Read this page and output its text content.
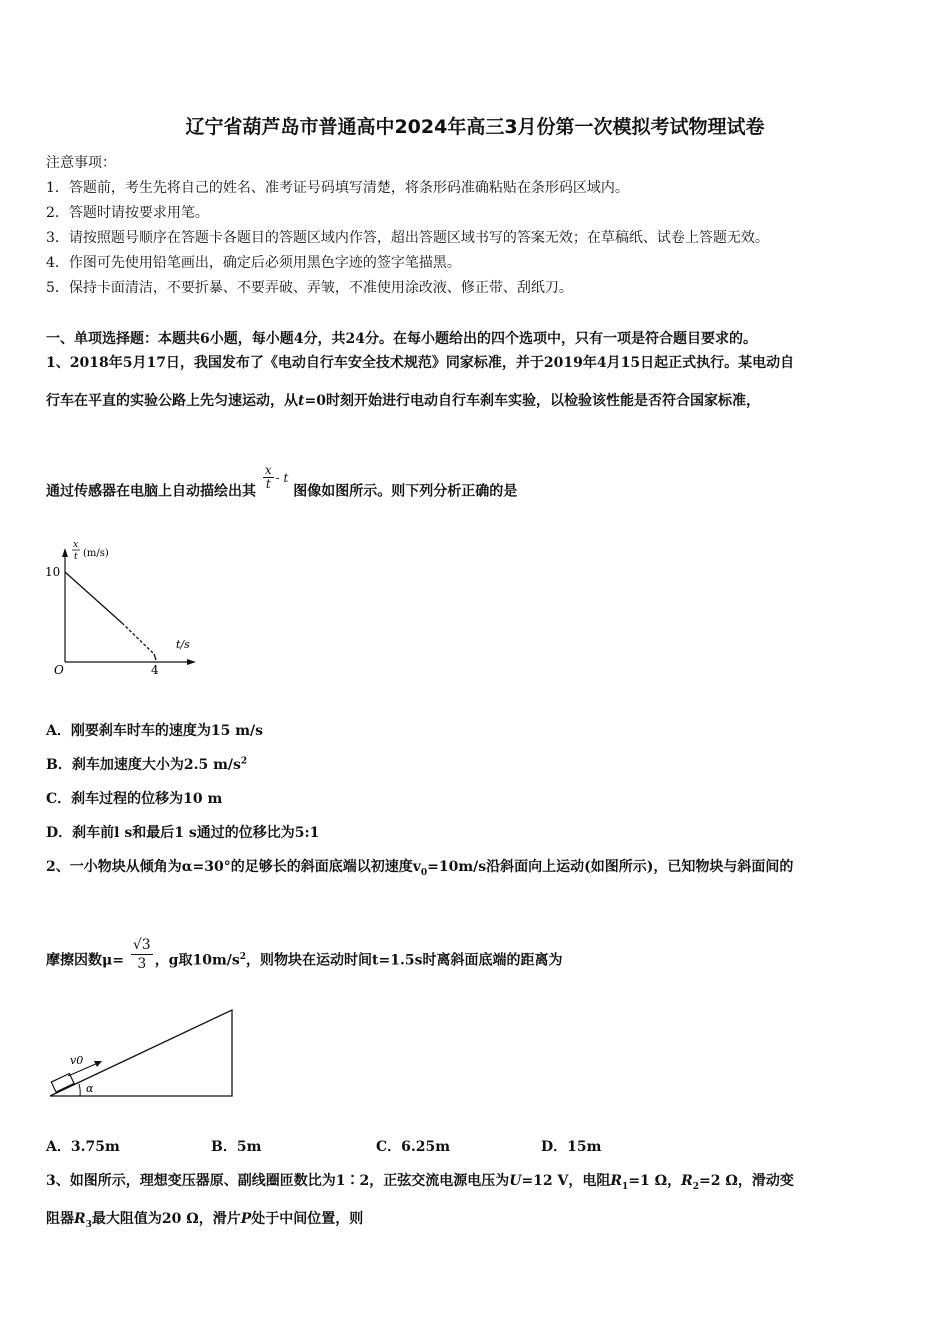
辽宁省葫芦岛市普通高中2024年高三3月份第一次模拟考试物理试卷
注意事项：
1．答题前，考生先将自己的姓名、准考证号码填写清楚，将条形码准确粘贴在条形码区域内。
2．答题时请按要求用笔。
3．请按照题号顺序在答题卡各题目的答题区域内作答，超出答题区域书写的答案无效；在草稿纸、试卷上答题无效。
4．作图可先使用铅笔画出，确定后必须用黑色字迹的签字笔描黑。
5．保持卡面清洁，不要折暴、不要弄破、弄皱，不准使用涂改液、修正带、刮纸刀。
一、单项选择题：本题共6小题，每小题4分，共24分。在每小题给出的四个选项中，只有一项是符合题目要求的。
1、2018年5月17日，我国发布了《电动自行车安全技术规范》同家标准，并于2019年4月15日起正式执行。某电动自
行车在平直的实验公路上先匀速运动，从t=0时刻开始进行电动自行车刹车实验，以检验该性能是否符合国家标准，
通过传感器在电脑上自动描绘出其
$\frac{x}{t}$ - t 图像如图所示。则下列分析正确的是
x
t (m/s)
10
t/s
O	4
A．刚要刹车时车的速度为15 m/s
B．刹车加速度大小为2.5 $m/s^2$
C．刹车过程的位移为10 m
D．刹车前l s和最后1 s通过的位移比为5:1
2、一小物块从倾角为α=30°的足够长的斜面底端以初速度$v_0=10m/s$沿斜面向上运动(如图所示)，已知物块与斜面间的
摩擦因数$\mu= \frac{√3}{3}$ ，g取$10m/s^2$，则物块在运动时间t=1.5s时离斜面底端的距离为
v0
α
A．3.75m	B．5m	C．6.25m	D．15m
3、如图所示，理想变压器原、副线圈匝数比为1∶2，正弦交流电源电压为U=12 V，电阻$R_1=1$ Ω，$R_2=2$ Ω，滑动变
阻器$R_3$最大阻值为20 Ω，滑片P处于中间位置，则
